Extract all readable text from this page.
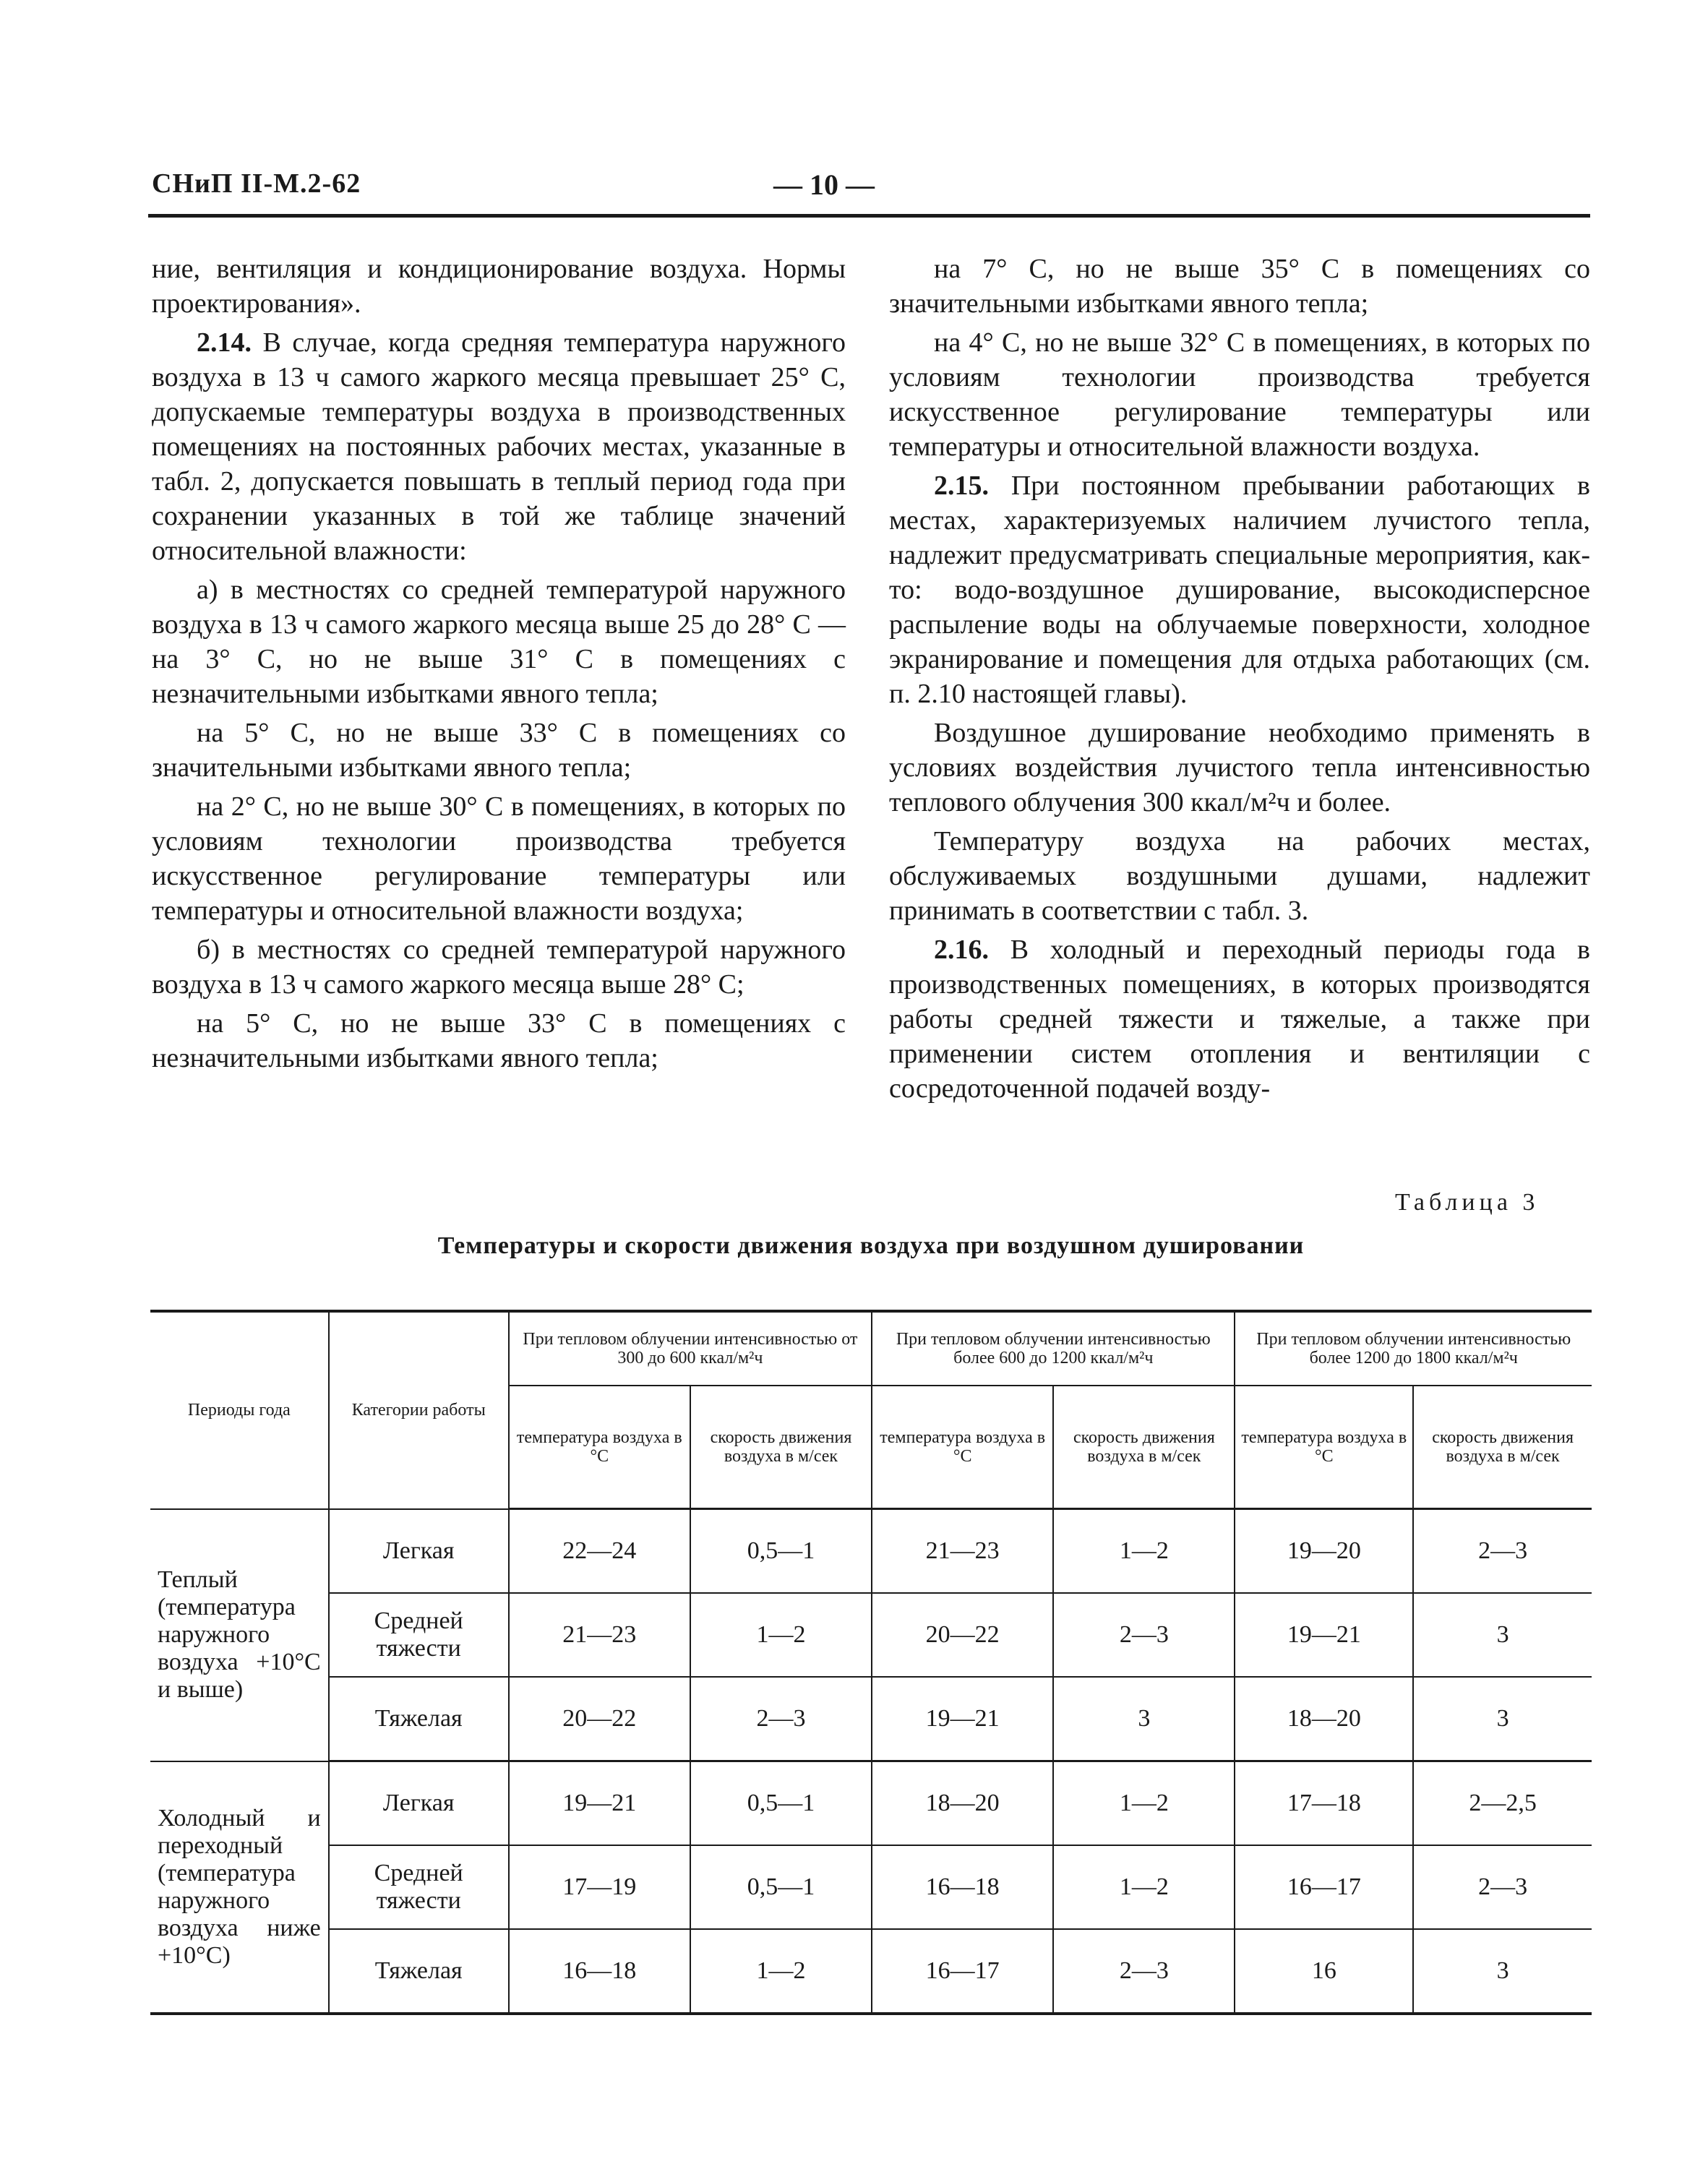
СНиП II-М.2-62	— 10 —

ние, вентиляция и кондиционирование воздуха. Нормы проектирования».

2.14. В случае, когда средняя температура наружного воздуха в 13 ч самого жаркого месяца превышает 25° С, допускаемые температуры воздуха в производственных помещениях на постоянных рабочих местах, указанные в табл. 2, допускается повышать в теплый период года при сохранении указанных в той же таблице значений относительной влажности:

а) в местностях со средней температурой наружного воздуха в 13 ч самого жаркого месяца выше 25 до 28° С — на 3° С, но не выше 31° С в помещениях с незначительными избытками явного тепла;

на 5° С, но не выше 33° С в помещениях со значительными избытками явного тепла;

на 2° С, но не выше 30° С в помещениях, в которых по условиям технологии производства требуется искусственное регулирование температуры или температуры и относительной влажности воздуха;

б) в местностях со средней температурой наружного воздуха в 13 ч самого жаркого месяца выше 28° С;

на 5° С, но не выше 33° С в помещениях с незначительными избытками явного тепла;

на 7° С, но не выше 35° С в помещениях со значительными избытками явного тепла;

на 4° С, но не выше 32° С в помещениях, в которых по условиям технологии производства требуется искусственное регулирование температуры или температуры и относительной влажности воздуха.

2.15. При постоянном пребывании работающих в местах, характеризуемых наличием лучистого тепла, надлежит предусматривать специальные мероприятия, как-то: водо-воздушное душирование, высокодисперсное распыление воды на облучаемые поверхности, холодное экранирование и помещения для отдыха работающих (см. п. 2.10 настоящей главы).

Воздушное душирование необходимо применять в условиях воздействия лучистого тепла интенсивностью теплового облучения 300 ккал/м²ч и более.

Температуру воздуха на рабочих местах, обслуживаемых воздушными душами, надлежит принимать в соответствии с табл. 3.

2.16. В холодный и переходный периоды года в производственных помещениях, в которых производятся работы средней тяжести и тяжелые, а также при применении систем отопления и вентиляции с сосредоточенной подачей возду-

Таблица 3
Температуры и скорости движения воздуха при воздушном душировании
Периоды года	Категории работы	При тепловом облучении интенсивностью от 300 до 600 ккал/м²ч		При тепловом облучении интенсивностью более 600 до 1200 ккал/м²ч		При тепловом облучении интенсивностью более 1200 до 1800 ккал/м²ч	
		температура воздуха в °С	скорость движения воздуха в м/сек	температура воздуха в °С	скорость движения воздуха в м/сек	температура воздуха в °С	скорость движения воздуха в м/сек
Теплый (температура наружного воздуха +10°С и выше)	Легкая	22—24	0,5—1	21—23	1—2	19—20	2—3
	Средней тяжести	21—23	1—2	20—22	2—3	19—21	3
	Тяжелая	20—22	2—3	19—21	3	18—20	3
Холодный и переходный (температура наружного воздуха ниже +10°С)	Легкая	19—21	0,5—1	18—20	1—2	17—18	2—2,5
	Средней тяжести	17—19	0,5—1	16—18	1—2	16—17	2—3
	Тяжелая	16—18	1—2	16—17	2—3	16	3
